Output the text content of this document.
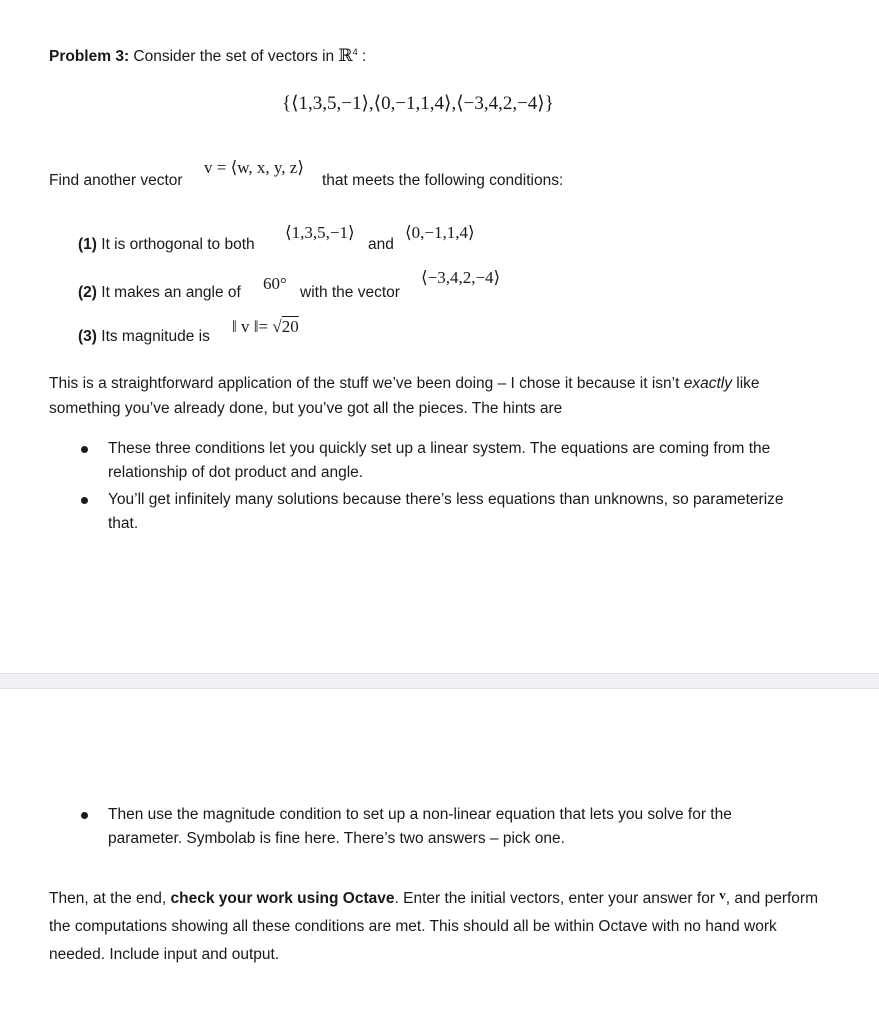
Problem 3: Consider the set of vectors in ℝ$^4$ :
{⟨1,3,5,−1⟩,⟨0,−1,1,4⟩,⟨−3,4,2,−4⟩}
Find another vector
v = ⟨w, x, y, z⟩
that meets the following conditions:
(1) It is orthogonal to both
⟨1,3,5,−1⟩
and
⟨0,−1,1,4⟩
(2) It makes an angle of 60° with the vector
⟨−3,4,2,−4⟩
(3) Its magnitude is
‖ v ‖= √20
This is a straightforward application of the stuff we’ve been doing – I chose it because it isn’t exactly like something you’ve already done, but you’ve got all the pieces. The hints are
These three conditions let you quickly set up a linear system. The equations are coming from the relationship of dot product and angle.
You’ll get infinitely many solutions because there’s less equations than unknowns, so parameterize that.
Then use the magnitude condition to set up a non-linear equation that lets you solve for the parameter. Symbolab is fine here. There’s two answers – pick one.
Then, at the end, check your work using Octave. Enter the initial vectors, enter your answer for $^v$, and perform the computations showing all these conditions are met. This should all be within Octave with no hand work needed. Include input and output.
